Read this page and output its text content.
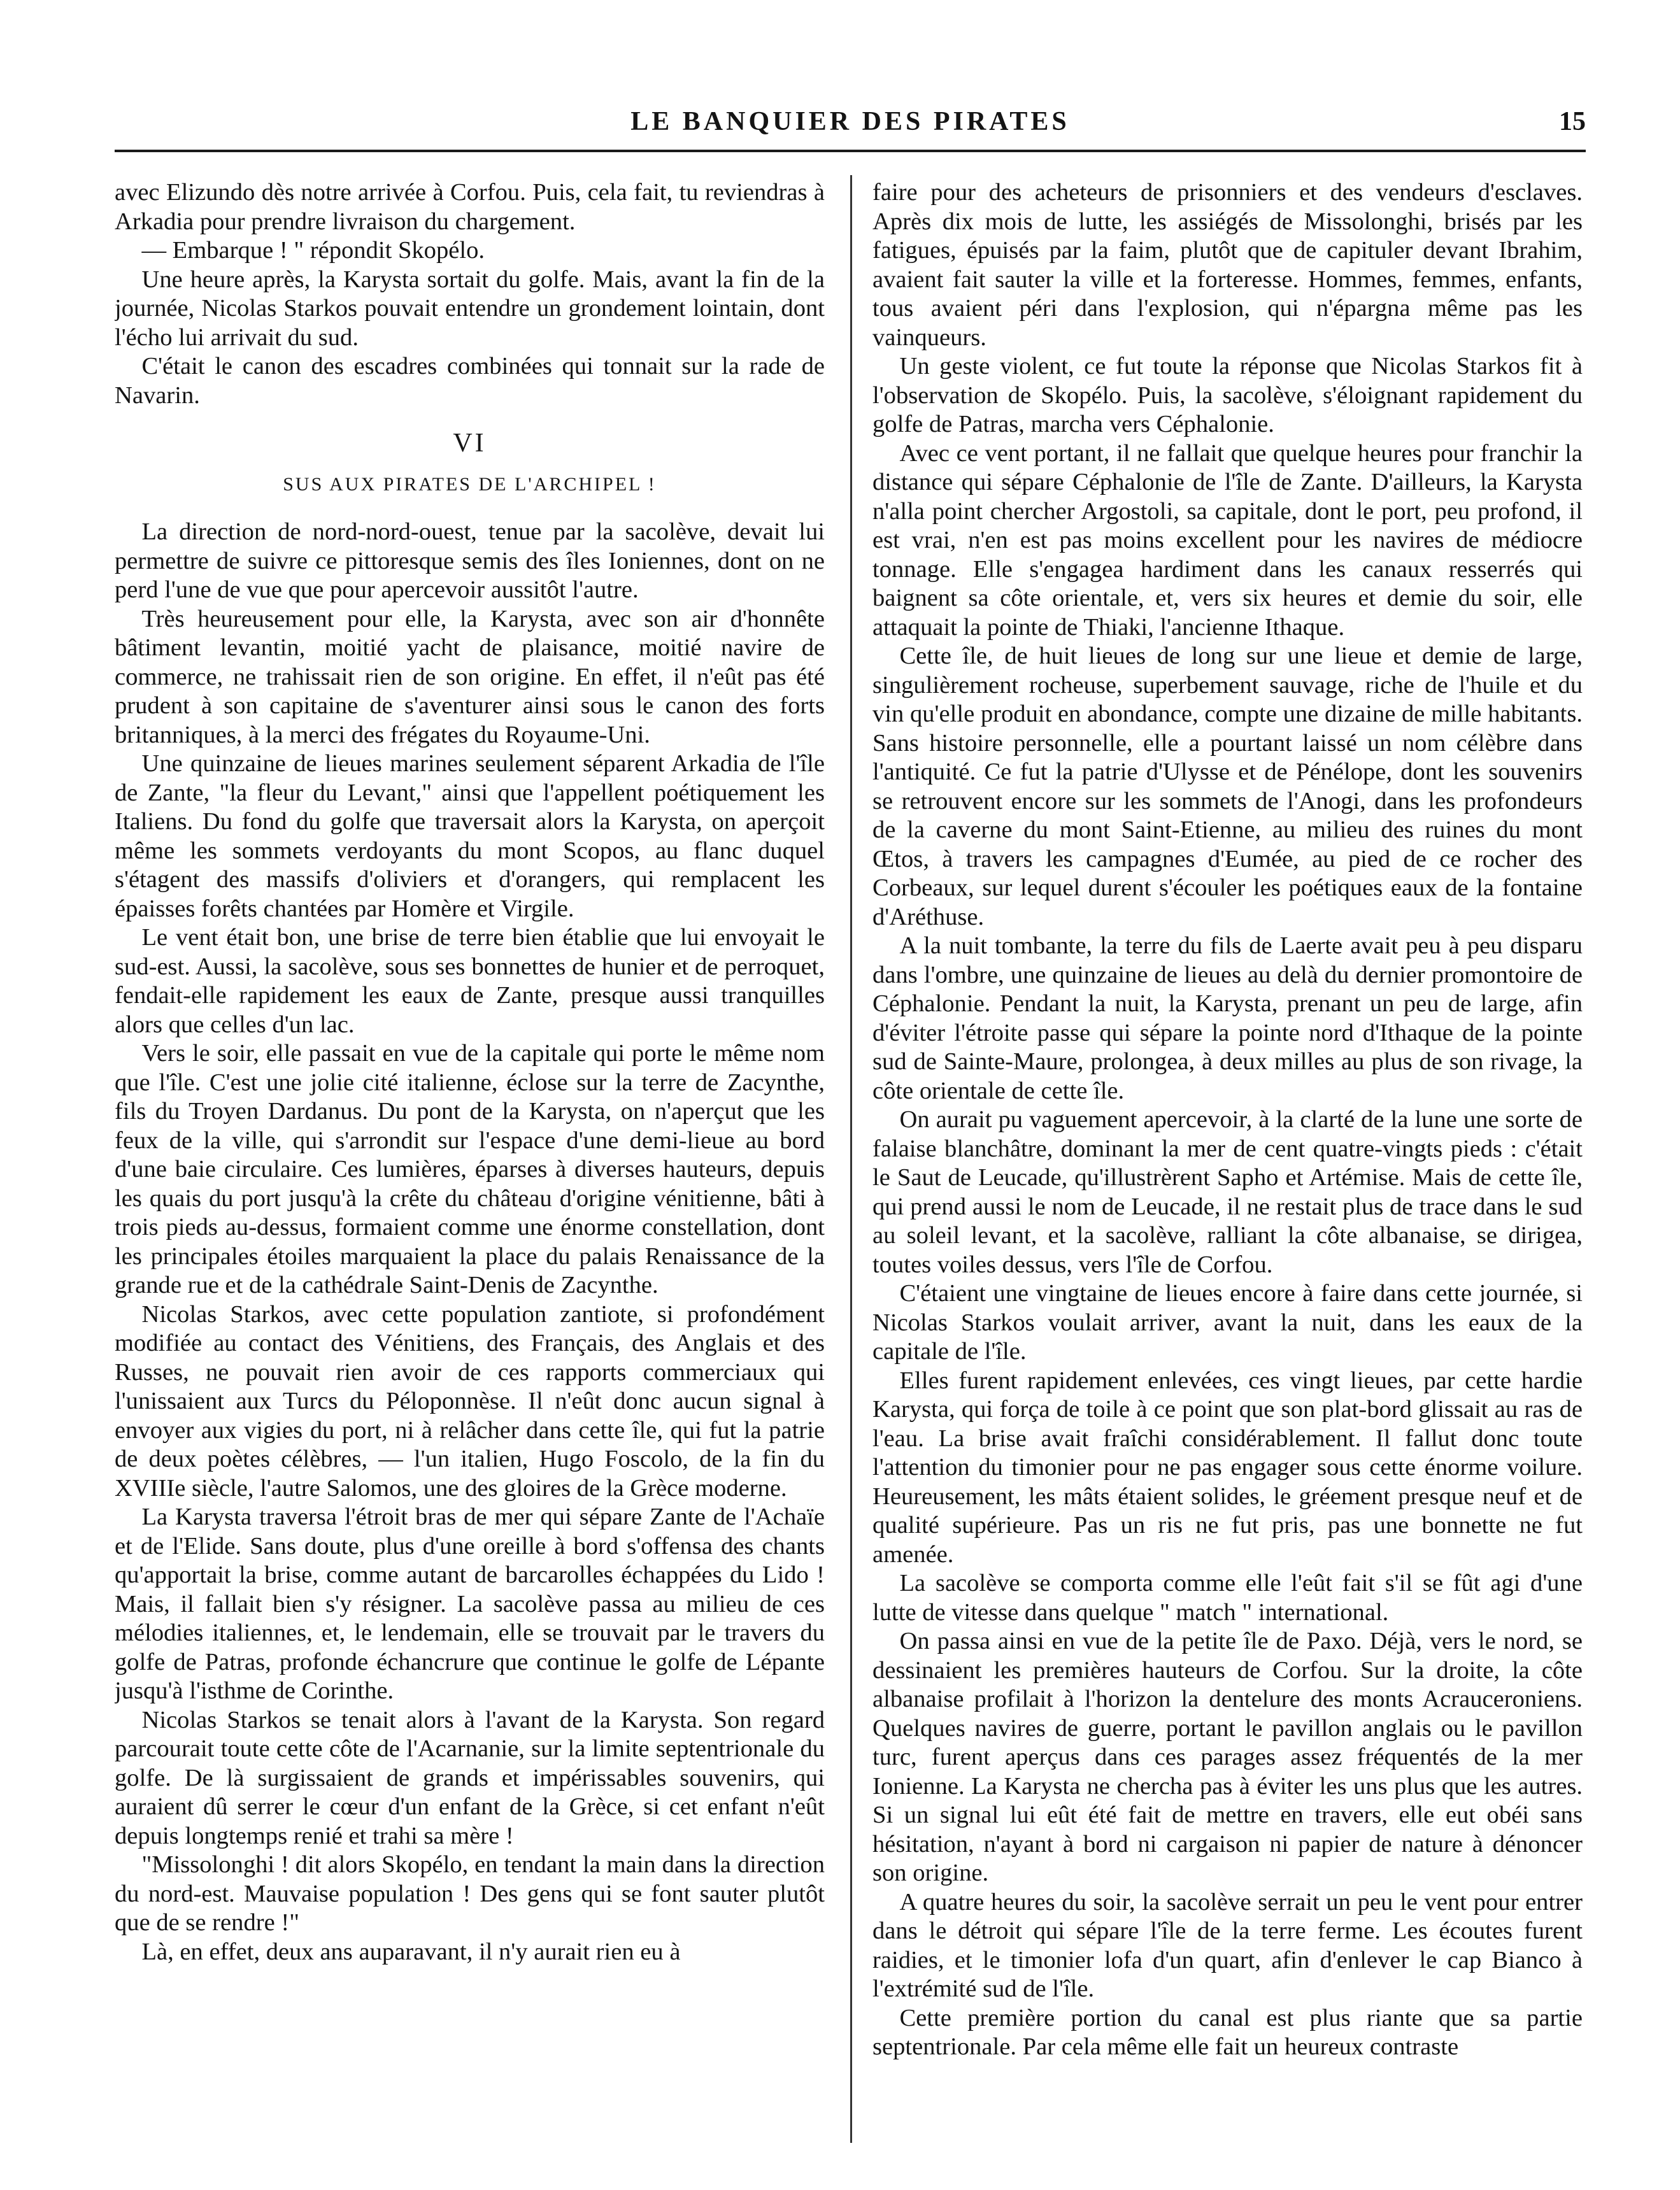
LE BANQUIER DES PIRATES	15

avec Elizundo dès notre arrivée à Corfou. Puis, cela fait, tu reviendras à Arkadia pour prendre livraison du chargement.

— Embarque ! " répondit Skopélo.

Une heure après, la Karysta sortait du golfe. Mais, avant la fin de la journée, Nicolas Starkos pouvait entendre un grondement lointain, dont l'écho lui arrivait du sud.

C'était le canon des escadres combinées qui tonnait sur la rade de Navarin.

VI
SUS AUX PIRATES DE L'ARCHIPEL !

La direction de nord-nord-ouest, tenue par la sacolève, devait lui permettre de suivre ce pittoresque semis des îles Ioniennes, dont on ne perd l'une de vue que pour apercevoir aussitôt l'autre.

Très heureusement pour elle, la Karysta, avec son air d'honnête bâtiment levantin, moitié yacht de plaisance, moitié navire de commerce, ne trahissait rien de son origine. En effet, il n'eût pas été prudent à son capitaine de s'aventurer ainsi sous le canon des forts britanniques, à la merci des frégates du Royaume-Uni.

Une quinzaine de lieues marines seulement séparent Arkadia de l'île de Zante, "la fleur du Levant," ainsi que l'appellent poétiquement les Italiens. Du fond du golfe que traversait alors la Karysta, on aperçoit même les sommets verdoyants du mont Scopos, au flanc duquel s'étagent des massifs d'oliviers et d'orangers, qui remplacent les épaisses forêts chantées par Homère et Virgile.

Le vent était bon, une brise de terre bien établie que lui envoyait le sud-est. Aussi, la sacolève, sous ses bonnettes de hunier et de perroquet, fendait-elle rapidement les eaux de Zante, presque aussi tranquilles alors que celles d'un lac.

Vers le soir, elle passait en vue de la capitale qui porte le même nom que l'île. C'est une jolie cité italienne, éclose sur la terre de Zacynthe, fils du Troyen Dardanus. Du pont de la Karysta, on n'aperçut que les feux de la ville, qui s'arrondit sur l'espace d'une demi-lieue au bord d'une baie circulaire. Ces lumières, éparses à diverses hauteurs, depuis les quais du port jusqu'à la crête du château d'origine vénitienne, bâti à trois pieds au-dessus, formaient comme une énorme constellation, dont les principales étoiles marquaient la place du palais Renaissance de la grande rue et de la cathédrale Saint-Denis de Zacynthe.

Nicolas Starkos, avec cette population zantiote, si profondément modifiée au contact des Vénitiens, des Français, des Anglais et des Russes, ne pouvait rien avoir de ces rapports commerciaux qui l'unissaient aux Turcs du Péloponnèse. Il n'eût donc aucun signal à envoyer aux vigies du port, ni à relâcher dans cette île, qui fut la patrie de deux poètes célèbres, — l'un italien, Hugo Foscolo, de la fin du XVIIIe siècle, l'autre Salomos, une des gloires de la Grèce moderne.

La Karysta traversa l'étroit bras de mer qui sépare Zante de l'Achaïe et de l'Elide. Sans doute, plus d'une oreille à bord s'offensa des chants qu'apportait la brise, comme autant de barcarolles échappées du Lido ! Mais, il fallait bien s'y résigner. La sacolève passa au milieu de ces mélodies italiennes, et, le lendemain, elle se trouvait par le travers du golfe de Patras, profonde échancrure que continue le golfe de Lépante jusqu'à l'isthme de Corinthe.

Nicolas Starkos se tenait alors à l'avant de la Karysta. Son regard parcourait toute cette côte de l'Acarnanie, sur la limite septentrionale du golfe. De là surgissaient de grands et impérissables souvenirs, qui auraient dû serrer le cœur d'un enfant de la Grèce, si cet enfant n'eût depuis longtemps renié et trahi sa mère !

"Missolonghi ! dit alors Skopélo, en tendant la main dans la direction du nord-est. Mauvaise population ! Des gens qui se font sauter plutôt que de se rendre !"

Là, en effet, deux ans auparavant, il n'y aurait rien eu à

faire pour des acheteurs de prisonniers et des vendeurs d'esclaves. Après dix mois de lutte, les assiégés de Missolonghi, brisés par les fatigues, épuisés par la faim, plutôt que de capituler devant Ibrahim, avaient fait sauter la ville et la forteresse. Hommes, femmes, enfants, tous avaient péri dans l'explosion, qui n'épargna même pas les vainqueurs.

Un geste violent, ce fut toute la réponse que Nicolas Starkos fit à l'observation de Skopélo. Puis, la sacolève, s'éloignant rapidement du golfe de Patras, marcha vers Céphalonie.

Avec ce vent portant, il ne fallait que quelque heures pour franchir la distance qui sépare Céphalonie de l'île de Zante. D'ailleurs, la Karysta n'alla point chercher Argostoli, sa capitale, dont le port, peu profond, il est vrai, n'en est pas moins excellent pour les navires de médiocre tonnage. Elle s'engagea hardiment dans les canaux resserrés qui baignent sa côte orientale, et, vers six heures et demie du soir, elle attaquait la pointe de Thiaki, l'ancienne Ithaque.

Cette île, de huit lieues de long sur une lieue et demie de large, singulièrement rocheuse, superbement sauvage, riche de l'huile et du vin qu'elle produit en abondance, compte une dizaine de mille habitants. Sans histoire personnelle, elle a pourtant laissé un nom célèbre dans l'antiquité. Ce fut la patrie d'Ulysse et de Pénélope, dont les souvenirs se retrouvent encore sur les sommets de l'Anogi, dans les profondeurs de la caverne du mont Saint-Etienne, au milieu des ruines du mont Œtos, à travers les campagnes d'Eumée, au pied de ce rocher des Corbeaux, sur lequel durent s'écouler les poétiques eaux de la fontaine d'Aréthuse.

A la nuit tombante, la terre du fils de Laerte avait peu à peu disparu dans l'ombre, une quinzaine de lieues au delà du dernier promontoire de Céphalonie. Pendant la nuit, la Karysta, prenant un peu de large, afin d'éviter l'étroite passe qui sépare la pointe nord d'Ithaque de la pointe sud de Sainte-Maure, prolongea, à deux milles au plus de son rivage, la côte orientale de cette île.

On aurait pu vaguement apercevoir, à la clarté de la lune une sorte de falaise blanchâtre, dominant la mer de cent quatre-vingts pieds : c'était le Saut de Leucade, qu'illustrèrent Sapho et Artémise. Mais de cette île, qui prend aussi le nom de Leucade, il ne restait plus de trace dans le sud au soleil levant, et la sacolève, ralliant la côte albanaise, se dirigea, toutes voiles dessus, vers l'île de Corfou.

C'étaient une vingtaine de lieues encore à faire dans cette journée, si Nicolas Starkos voulait arriver, avant la nuit, dans les eaux de la capitale de l'île.

Elles furent rapidement enlevées, ces vingt lieues, par cette hardie Karysta, qui força de toile à ce point que son plat-bord glissait au ras de l'eau. La brise avait fraîchi considérablement. Il fallut donc toute l'attention du timonier pour ne pas engager sous cette énorme voilure. Heureusement, les mâts étaient solides, le gréement presque neuf et de qualité supérieure. Pas un ris ne fut pris, pas une bonnette ne fut amenée.

La sacolève se comporta comme elle l'eût fait s'il se fût agi d'une lutte de vitesse dans quelque " match " international.

On passa ainsi en vue de la petite île de Paxo. Déjà, vers le nord, se dessinaient les premières hauteurs de Corfou. Sur la droite, la côte albanaise profilait à l'horizon la dentelure des monts Acrauceroniens. Quelques navires de guerre, portant le pavillon anglais ou le pavillon turc, furent aperçus dans ces parages assez fréquentés de la mer Ionienne. La Karysta ne chercha pas à éviter les uns plus que les autres. Si un signal lui eût été fait de mettre en travers, elle eut obéi sans hésitation, n'ayant à bord ni cargaison ni papier de nature à dénoncer son origine.

A quatre heures du soir, la sacolève serrait un peu le vent pour entrer dans le détroit qui sépare l'île de la terre ferme. Les écoutes furent raidies, et le timonier lofa d'un quart, afin d'enlever le cap Bianco à l'extrémité sud de l'île.

Cette première portion du canal est plus riante que sa partie septentrionale. Par cela même elle fait un heureux contraste
